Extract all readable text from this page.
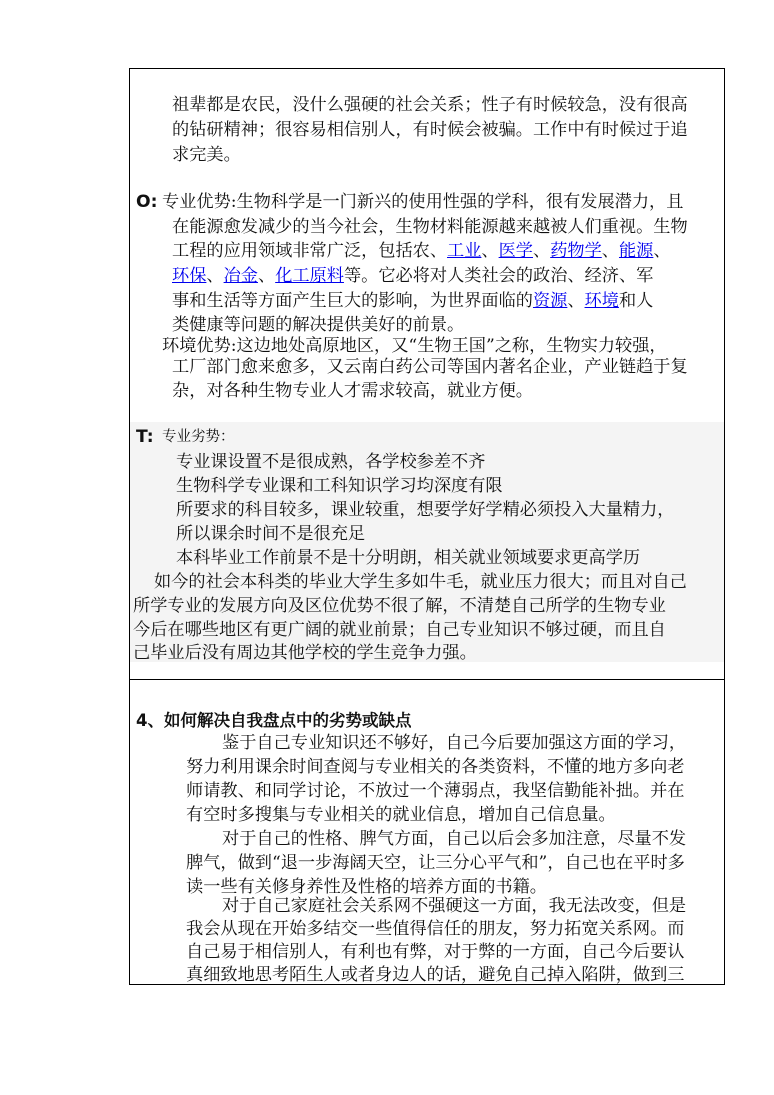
祖辈都是农民，没什么强硬的社会关系；性子有时候较急，没有很高
的钻研精神；很容易相信别人，有时候会被骗。工作中有时候过于追
求完美。
O: 专业优势:生物科学是一门新兴的使用性强的学科，很有发展潜力，且
在能源愈发减少的当今社会，生物材料能源越来越被人们重视。生物
工程的应用领域非常广泛，包括农、工业、医学、药物学、能源、
环保、冶金、化工原料等。它必将对人类社会的政治、经济、军
事和生活等方面产生巨大的影响，为世界面临的资源、环境和人
类健康等问题的解决提供美好的前景。
环境优势:这边地处高原地区，又“生物王国”之称，生物实力较强，
工厂部门愈来愈多，又云南白药公司等国内著名企业，产业链趋于复
杂，对各种生物专业人才需求较高，就业方便。
T: 专业劣势：
专业课设置不是很成熟，各学校参差不齐
生物科学专业课和工科知识学习均深度有限
所要求的科目较多，课业较重，想要学好学精必须投入大量精力，
所以课余时间不是很充足
本科毕业工作前景不是十分明朗，相关就业领域要求更高学历
如今的社会本科类的毕业大学生多如牛毛，就业压力很大；而且对自己
所学专业的发展方向及区位优势不很了解，不清楚自己所学的生物专业
今后在哪些地区有更广阔的就业前景；自己专业知识不够过硬，而且自
己毕业后没有周边其他学校的学生竞争力强。
4、如何解决自我盘点中的劣势或缺点
鉴于自己专业知识还不够好，自己今后要加强这方面的学习，
努力利用课余时间查阅与专业相关的各类资料，不懂的地方多向老
师请教、和同学讨论，不放过一个薄弱点，我坚信勤能补拙。并在
有空时多搜集与专业相关的就业信息，增加自己信息量。
对于自己的性格、脾气方面，自己以后会多加注意，尽量不发
脾气，做到“退一步海阔天空，让三分心平气和”，自己也在平时多
读一些有关修身养性及性格的培养方面的书籍。
对于自己家庭社会关系网不强硬这一方面，我无法改变，但是
我会从现在开始多结交一些值得信任的朋友，努力拓宽关系网。而
自己易于相信别人，有利也有弊，对于弊的一方面，自己今后要认
真细致地思考陌生人或者身边人的话，避免自己掉入陷阱，做到三
